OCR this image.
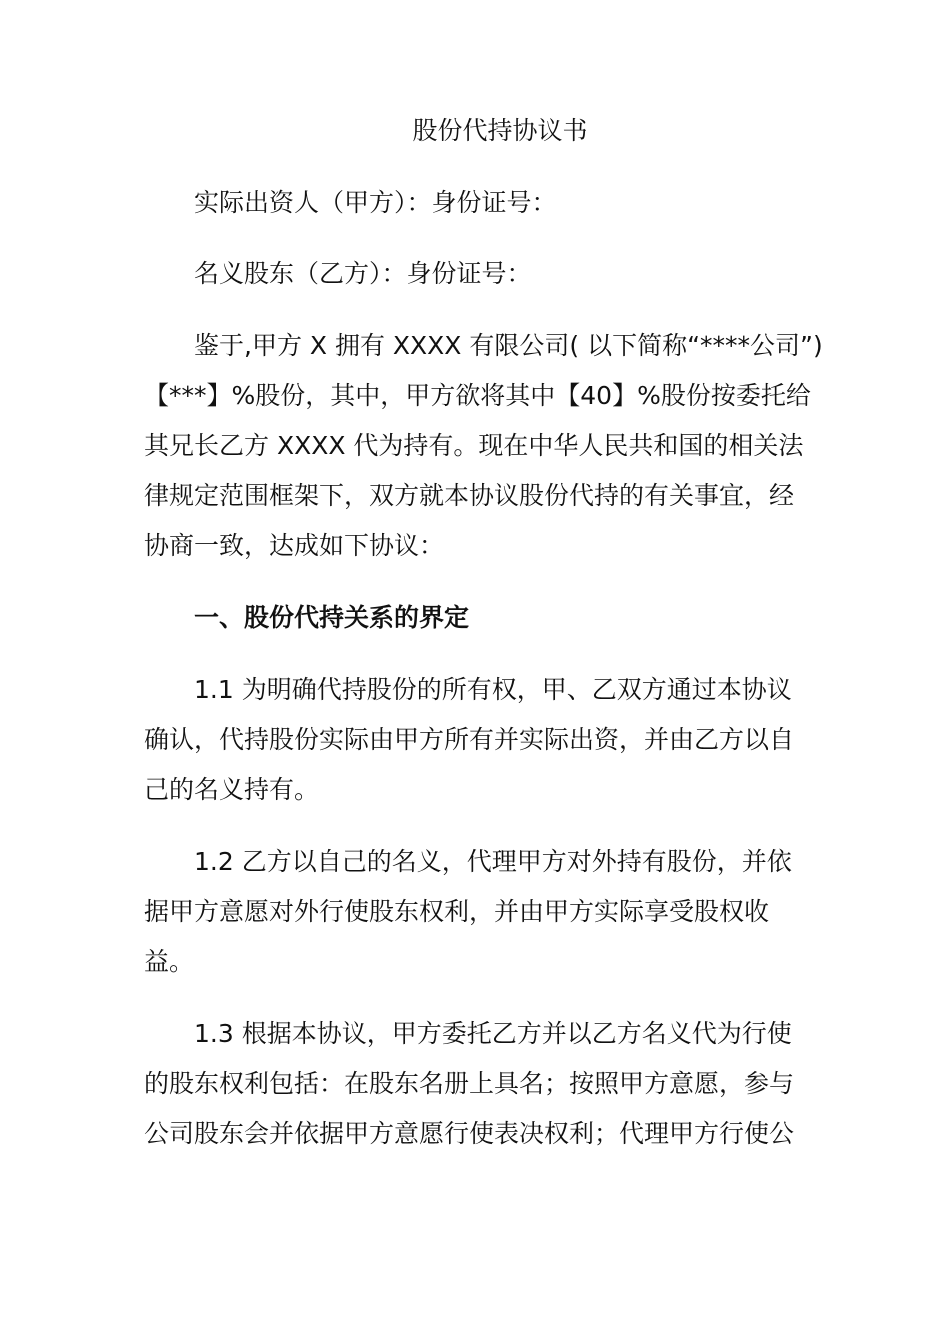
股份代持协议书

实际出资人（甲方）：身份证号：

名义股东（乙方）：身份证号：

鉴于,甲方 X 拥有 XXXX 有限公司( 以下简称“****公司”)

【***】%股份，其中，甲方欲将其中【40】%股份按委托给

其兄长乙方 XXXX 代为持有。现在中华人民共和国的相关法

律规定范围框架下，双方就本协议股份代持的有关事宜，经

协商一致，达成如下协议：

一、股份代持关系的界定

1.1 为明确代持股份的所有权，甲、乙双方通过本协议

确认，代持股份实际由甲方所有并实际出资，并由乙方以自

己的名义持有。

1.2 乙方以自己的名义，代理甲方对外持有股份，并依

据甲方意愿对外行使股东权利，并由甲方实际享受股权收

益。

1.3 根据本协议，甲方委托乙方并以乙方名义代为行使

的股东权利包括：在股东名册上具名；按照甲方意愿，参与

公司股东会并依据甲方意愿行使表决权利；代理甲方行使公
